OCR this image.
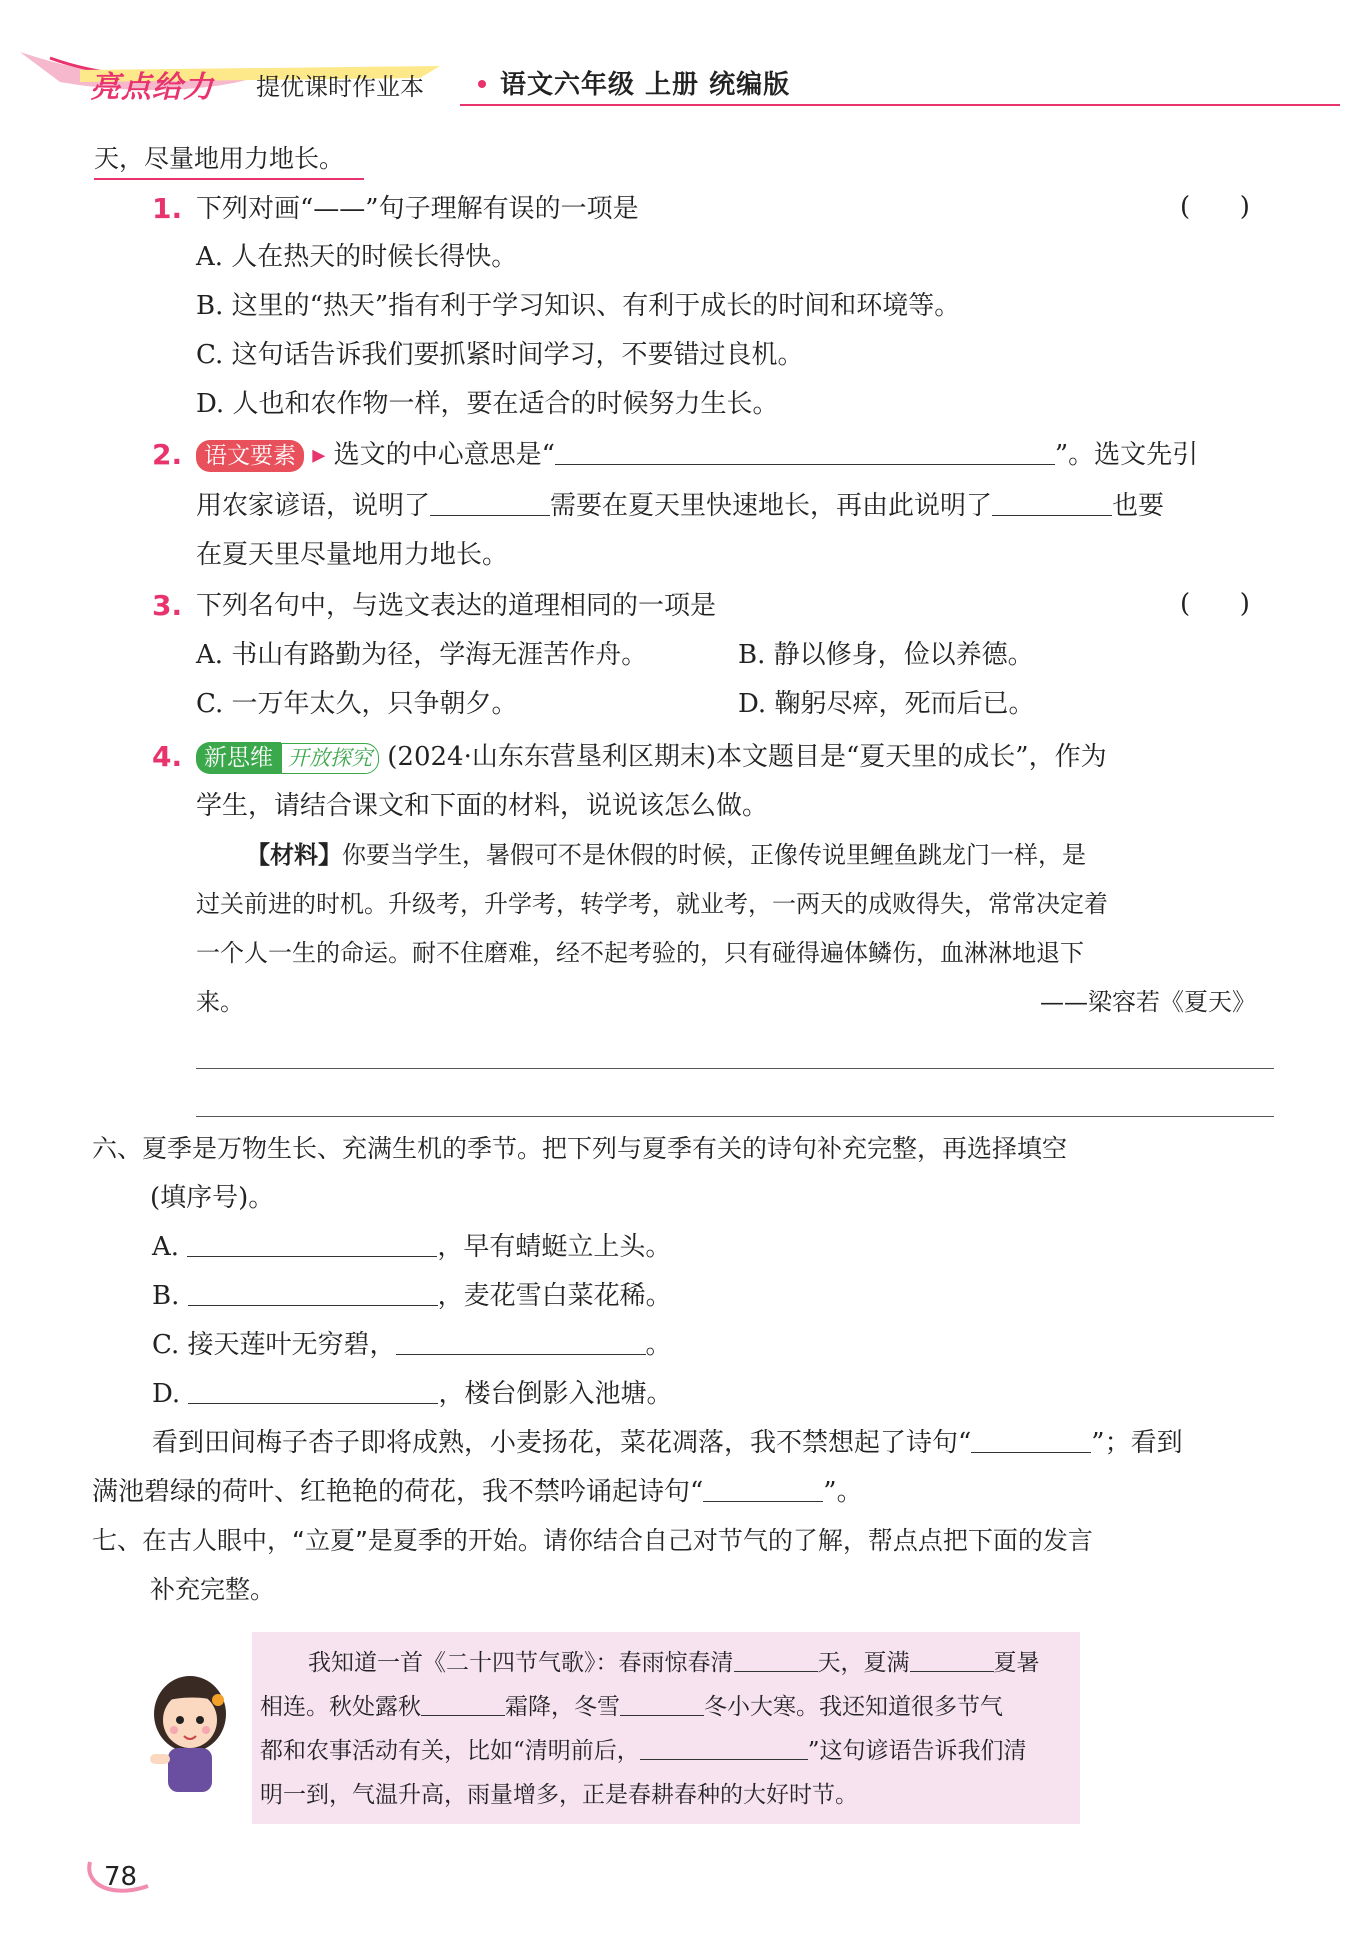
亮点给力 提优课时作业本	语文六年级 上册 统编版
天，尽量地用力地长。
1. 下列对画“——”句子理解有误的一项是	(      )
A. 人在热天的时候长得快。
B. 这里的“热天”指有利于学习知识、有利于成长的时间和环境等。
C. 这句话告诉我们要抓紧时间学习，不要错过良机。
D. 人也和农作物一样，要在适合的时候努力生长。
2. 语文要素 ▸ 选文的中心意思是“	”。选文先引
用农家谚语，说明了	需要在夏天里快速地长，再由此说明了	也要
在夏天里尽量地用力地长。
3. 下列名句中，与选文表达的道理相同的一项是	(      )
A. 书山有路勤为径，学海无涯苦作舟。	B. 静以修身，俭以养德。
C. 一万年太久，只争朝夕。	D. 鞠躬尽瘁，死而后已。
4. 新思维 开放探究 (2024·山东东营垦利区期末)本文题目是“夏天里的成长”，作为
学生，请结合课文和下面的材料，说说该怎么做。
【材料】你要当学生，暑假可不是休假的时候，正像传说里鲤鱼跳龙门一样，是
过关前进的时机。升级考，升学考，转学考，就业考，一两天的成败得失，常常决定着
一个人一生的命运。耐不住磨难，经不起考验的，只有碰得遍体鳞伤，血淋淋地退下
来。	——梁容若《夏天》
六、夏季是万物生长、充满生机的季节。把下列与夏季有关的诗句补充完整，再选择填空
(填序号)。
A.	，早有蜻蜓立上头。
B.	，麦花雪白菜花稀。
C. 接天莲叶无穷碧，	。
D.	，楼台倒影入池塘。
看到田间梅子杏子即将成熟，小麦扬花，菜花凋落，我不禁想起了诗句“	”；看到
满池碧绿的荷叶、红艳艳的荷花，我不禁吟诵起诗句“	”。
七、在古人眼中，“立夏”是夏季的开始。请你结合自己对节气的了解，帮点点把下面的发言
补充完整。
我知道一首《二十四节气歌》：春雨惊春清	天，夏满	夏暑
相连。秋处露秋	霜降，冬雪	冬小大寒。我还知道很多节气
都和农事活动有关，比如“清明前后，	”这句谚语告诉我们清
明一到，气温升高，雨量增多，正是春耕春种的大好时节。
78
